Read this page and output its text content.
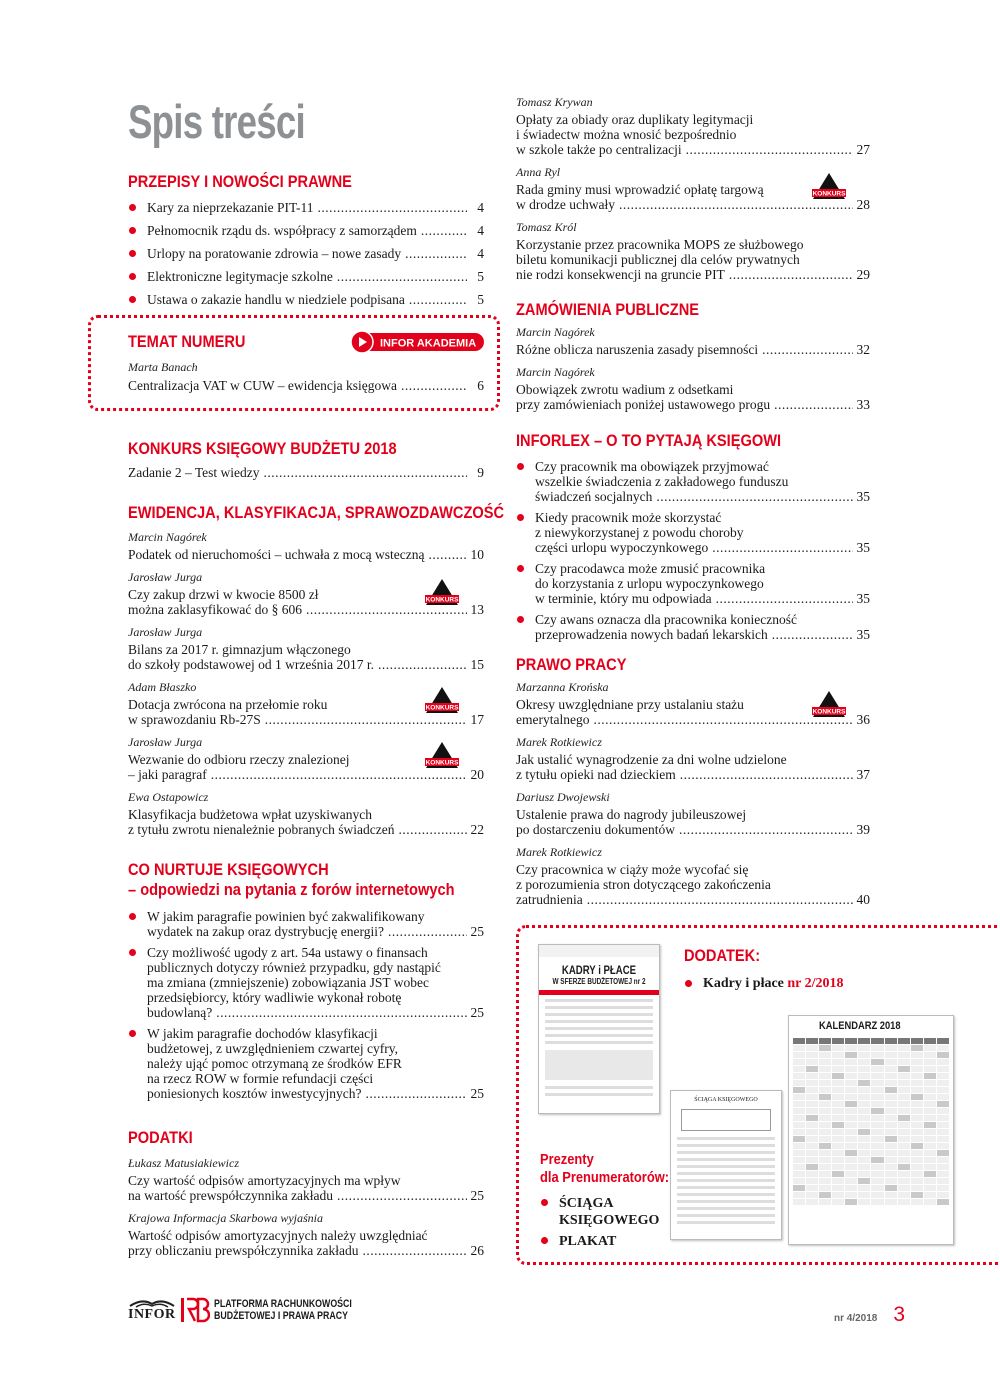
Spis treści
PRZEPISY I NOWOŚCI PRAWNE
Kary za nieprzekazanie PIT-11 .....	4
Pełnomocnik rządu ds. współpracy z samorządem .....	4
Urlopy na poratowanie zdrowia – nowe zasady .....	4
Elektroniczne legitymacje szkolne .....	5
Ustawa o zakazie handlu w niedziele podpisana .....	5
TEMAT NUMERU
Marta Banach
Centralizacja VAT w CUW – ewidencja księgowa .....	6
INFOR AKADEMIA
KONKURS KSIĘGOWY BUDŻETU 2018
Zadanie 2 – Test wiedzy .....	9
EWIDENCJA, KLASYFIKACJA, SPRAWOZDAWCZOŚĆ
Marcin Nagórek
Podatek od nieruchomości – uchwała z mocą wsteczną .....	10
Jarosław Jurga
Czy zakup drzwi w kwocie 8500 zł
można zaklasyfikować do § 606 .....	13
Jarosław Jurga
Bilans za 2017 r. gimnazjum włączonego
do szkoły podstawowej od 1 września 2017 r. .....	15
Adam Błaszko
Dotacja zwrócona na przełomie roku
w sprawozdaniu Rb-27S .....	17
Jarosław Jurga
Wezwanie do odbioru rzeczy znalezionej
– jaki paragraf .....	20
Ewa Ostapowicz
Klasyfikacja budżetowa wpłat uzyskiwanych
z tytułu zwrotu nienależnie pobranych świadczeń .....	22
CO NURTUJE KSIĘGOWYCH
– odpowiedzi na pytania z forów internetowych
W jakim paragrafie powinien być zakwalifikowany
wydatek na zakup oraz dystrybucję energii? .....	25
Czy możliwość ugody z art. 54a ustawy o finansach
publicznych dotyczy również przypadku, gdy nastąpić
ma zmiana (zmniejszenie) zobowiązania JST wobec
przedsiębiorcy, który wadliwie wykonał robotę
budowlaną? .....	25
W jakim paragrafie dochodów klasyfikacji
budżetowej, z uwzględnieniem czwartej cyfry,
należy ująć pomoc otrzymaną ze środków EFR
na rzecz ROW w formie refundacji części
poniesionych kosztów inwestycyjnych? .....	25
PODATKI
Łukasz Matusiakiewicz
Czy wartość odpisów amortyzacyjnych ma wpływ
na wartość prewspółczynnika zakładu .....	25
Krajowa Informacja Skarbowa wyjaśnia
Wartość odpisów amortyzacyjnych należy uwzględniać
przy obliczaniu prewspółczynnika zakładu .....	26
Tomasz Krywan
Opłaty za obiady oraz duplikaty legitymacji
i świadectw można wnosić bezpośrednio
w szkole także po centralizacji .....	27
Anna Ryl
Rada gminy musi wprowadzić opłatę targową
w drodze uchwały .....	28
Tomasz Król
Korzystanie przez pracownika MOPS ze służbowego
biletu komunikacji publicznej dla celów prywatnych
nie rodzi konsekwencji na gruncie PIT .....	29
ZAMÓWIENIA PUBLICZNE
Marcin Nagórek
Różne oblicza naruszenia zasady pisemności .....	32
Marcin Nagórek
Obowiązek zwrotu wadium z odsetkami
przy zamówieniach poniżej ustawowego progu .....	33
INFORLEX – O TO PYTAJĄ KSIĘGOWI
Czy pracownik ma obowiązek przyjmować
wszelkie świadczenia z zakładowego funduszu
świadczeń socjalnych .....	35
Kiedy pracownik może skorzystać
z niewykorzystanej z powodu choroby
części urlopu wypoczynkowego .....	35
Czy pracodawca może zmusić pracownika
do korzystania z urlopu wypoczynkowego
w terminie, który mu odpowiada .....	35
Czy awans oznacza dla pracownika konieczność
przeprowadzenia nowych badań lekarskich .....	35
PRAWO PRACY
Marzanna Krońska
Okresy uwzględniane przy ustalaniu stażu
emerytalnego .....	36
Marek Rotkiewicz
Jak ustalić wynagrodzenie za dni wolne udzielone
z tytułu opieki nad dzieckiem .....	37
Dariusz Dwojewski
Ustalenie prawa do nagrody jubileuszowej
po dostarczeniu dokumentów .....	39
Marek Rotkiewicz
Czy pracownica w ciąży może wycofać się
z porozumienia stron dotyczącego zakończenia
zatrudnienia .....	40
KONKURS
KONKURS
KONKURS
KONKURS
KONKURS
DODATEK:
Kadry i płace nr 2/2018
KADRY i PŁACE
W SFERZE BUDŻETOWEJ nr 2
KALENDARZ 2018
ŚCIĄGA KSIĘGOWEGO
Prezenty
dla Prenumeratorów:
ŚCIĄGA
KSIĘGOWEGO
PLAKAT
INFOR
PLATFORMA RACHUNKOWOŚCI
BUDŻETOWEJ I PRAWA PRACY	nr 4/2018 3
